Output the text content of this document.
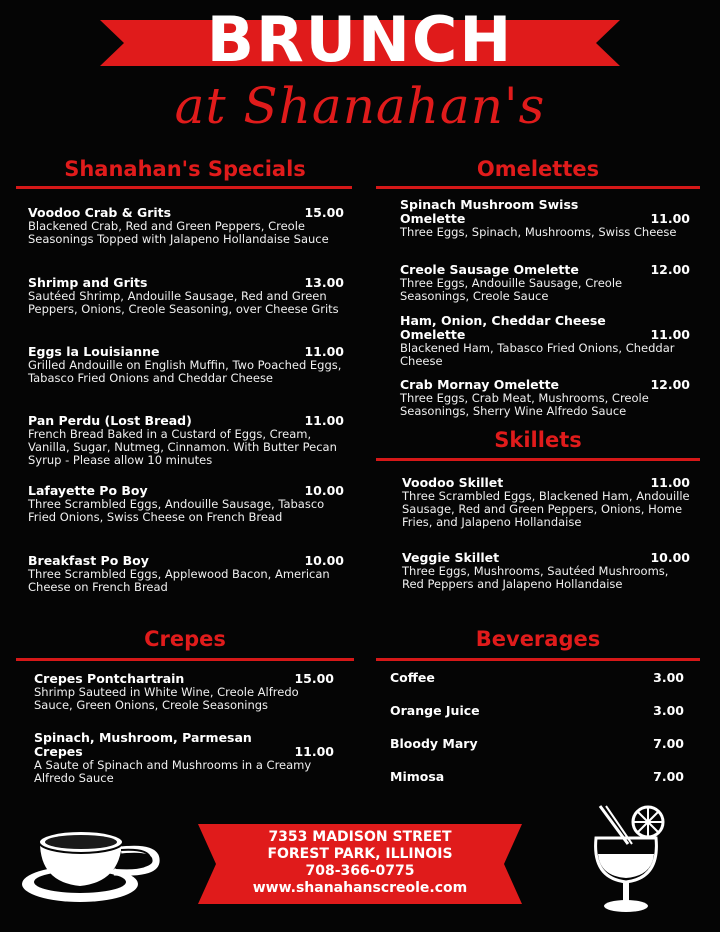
BRUNCH
at Shanahan's
Shanahan's Specials
Voodoo Crab & Grits	15.00
Blackened Crab, Red and Green Peppers, Creole Seasonings Topped with Jalapeno Hollandaise Sauce
Shrimp and Grits	13.00
Sautéed Shrimp, Andouille Sausage, Red and Green Peppers, Onions, Creole Seasoning, over Cheese Grits
Eggs la Louisianne	11.00
Grilled Andouille on English Muffin, Two Poached Eggs, Tabasco Fried Onions and Cheddar Cheese
Pan Perdu (Lost Bread)	11.00
French Bread Baked in a Custard of Eggs, Cream, Vanilla, Sugar, Nutmeg, Cinnamon. With Butter Pecan Syrup - Please allow 10 minutes
Lafayette Po Boy	10.00
Three Scrambled Eggs, Andouille Sausage, Tabasco Fried Onions, Swiss Cheese on French Bread
Breakfast Po Boy	10.00
Three Scrambled Eggs, Applewood Bacon, American Cheese on French Bread
Omelettes
Spinach Mushroom Swiss Omelette	11.00
Three Eggs, Spinach, Mushrooms, Swiss Cheese
Creole Sausage Omelette	12.00
Three Eggs, Andouille Sausage, Creole Seasonings, Creole Sauce
Ham, Onion, Cheddar Cheese Omelette	11.00
Blackened Ham, Tabasco Fried Onions, Cheddar Cheese
Crab Mornay Omelette	12.00
Three Eggs, Crab Meat, Mushrooms, Creole Seasonings, Sherry Wine Alfredo Sauce
Skillets
Voodoo Skillet	11.00
Three Scrambled Eggs, Blackened Ham, Andouille Sausage, Red and Green Peppers, Onions, Home Fries, and Jalapeno Hollandaise
Veggie Skillet	10.00
Three Eggs, Mushrooms, Sautéed Mushrooms, Red Peppers and Jalapeno Hollandaise
Crepes
Crepes Pontchartrain	15.00
Shrimp Sauteed in White Wine, Creole Alfredo Sauce, Green Onions, Creole Seasonings
Spinach, Mushroom, Parmesan Crepes	11.00
A Saute of Spinach and Mushrooms in a Creamy Alfredo Sauce
Beverages
Coffee	3.00
Orange Juice	3.00
Bloody Mary	7.00
Mimosa	7.00
7353 MADISON STREET
FOREST PARK, ILLINOIS
708-366-0775
www.shanahanscreole.com
